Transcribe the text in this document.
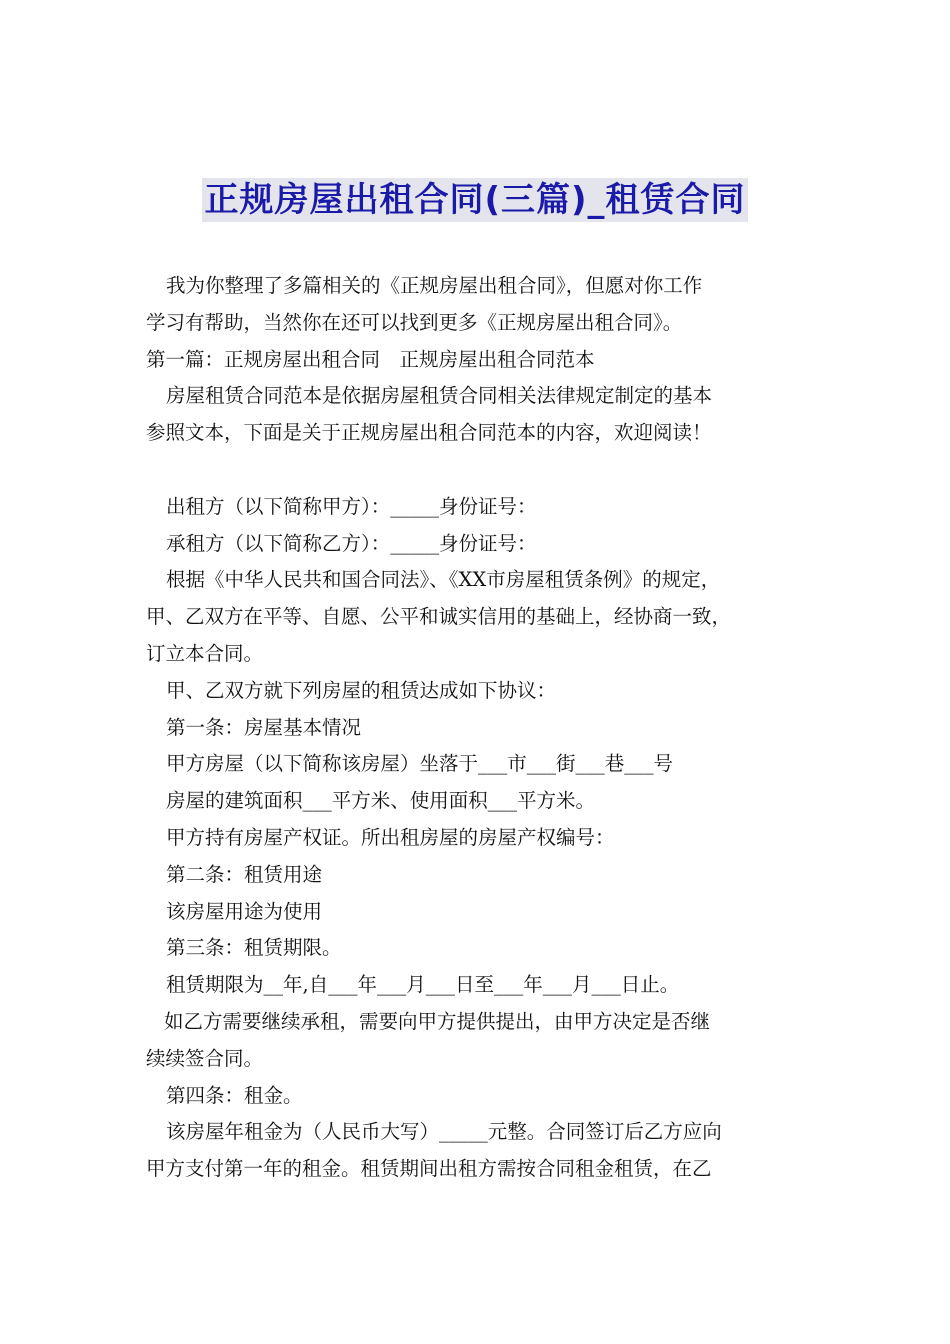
正规房屋出租合同(三篇)_租赁合同

我为你整理了多篇相关的《正规房屋出租合同》，但愿对你工作

学习有帮助，当然你在还可以找到更多《正规房屋出租合同》。

第一篇：正规房屋出租合同　正规房屋出租合同范本

房屋租赁合同范本是依据房屋租赁合同相关法律规定制定的基本

参照文本，下面是关于正规房屋出租合同范本的内容，欢迎阅读！

出租方（以下简称甲方）：_____身份证号：

承租方（以下简称乙方）：_____身份证号：

根据《中华人民共和国合同法》、《XX市房屋租赁条例》的规定，

甲、乙双方在平等、自愿、公平和诚实信用的基础上，经协商一致，

订立本合同。

甲、乙双方就下列房屋的租赁达成如下协议：

第一条：房屋基本情况

甲方房屋（以下简称该房屋）坐落于___市___街___巷___号

房屋的建筑面积___平方米、使用面积___平方米。

甲方持有房屋产权证。所出租房屋的房屋产权编号：

第二条：租赁用途

该房屋用途为使用

第三条：租赁期限。

租赁期限为__年,自___年___月___日至___年___月___日止。

如乙方需要继续承租，需要向甲方提供提出，由甲方决定是否继

续续签合同。

第四条：租金。

该房屋年租金为（人民币大写）_____元整。合同签订后乙方应向

甲方支付第一年的租金。租赁期间出租方需按合同租金租赁，在乙
